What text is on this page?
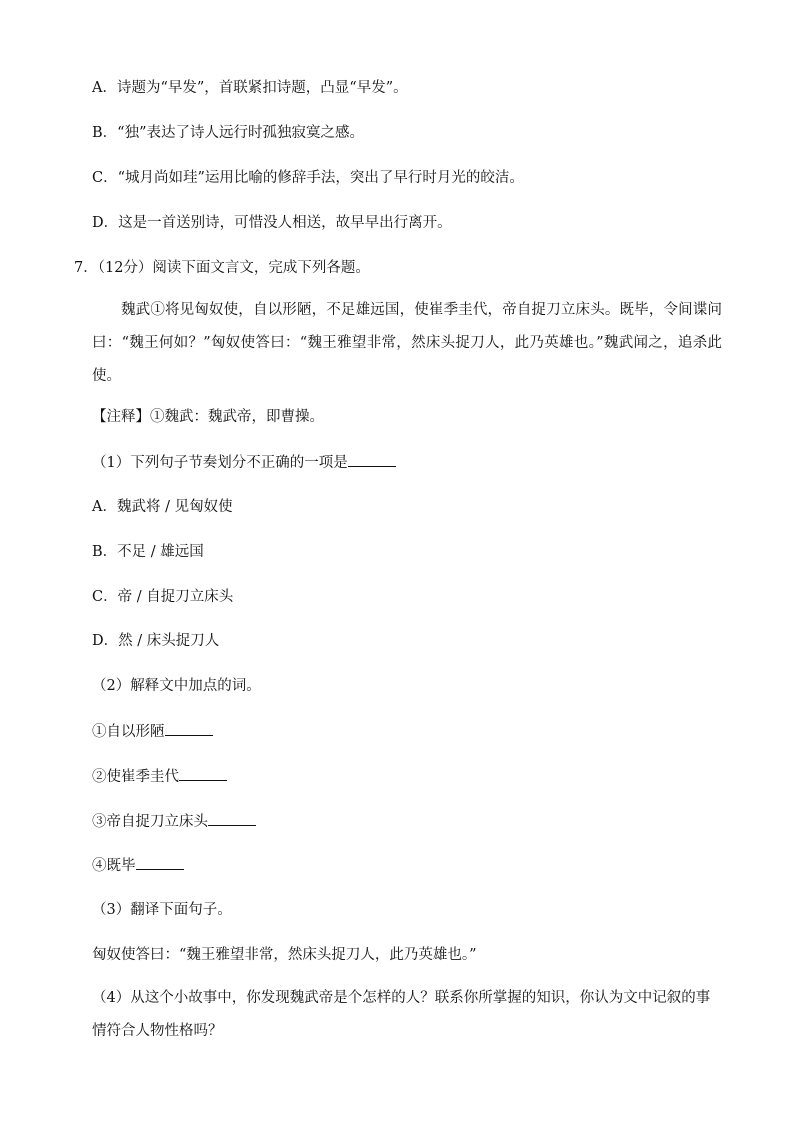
A．诗题为“早发”，首联紧扣诗题，凸显“早发”。
B．“独”表达了诗人远行时孤独寂寞之感。
C．“城月尚如珪”运用比喻的修辞手法，突出了早行时月光的皎洁。
D．这是一首送别诗，可惜没人相送，故早早出行离开。
7．（12分）阅读下面文言文，完成下列各题。
魏武①将见匈奴使，自以形陋，不足雄远国，使崔季圭代，帝自捉刀立床头。既毕，令间谍问曰：“魏王何如？”匈奴使答曰：“魏王雅望非常，然床头捉刀人，此乃英雄也。”魏武闻之，追杀此使。
【注释】①魏武：魏武帝，即曹操。
（1）下列句子节奏划分不正确的一项是
A．魏武将 / 见匈奴使
B．不足 / 雄远国
C．帝 / 自捉刀立床头
D．然 / 床头捉刀人
（2）解释文中加点的词。
①自以形陋
②使崔季圭代
③帝自捉刀立床头
④既毕
（3）翻译下面句子。
匈奴使答曰：“魏王雅望非常，然床头捉刀人，此乃英雄也。”
（4）从这个小故事中，你发现魏武帝是个怎样的人？联系你所掌握的知识，你认为文中记叙的事情符合人物性格吗？
